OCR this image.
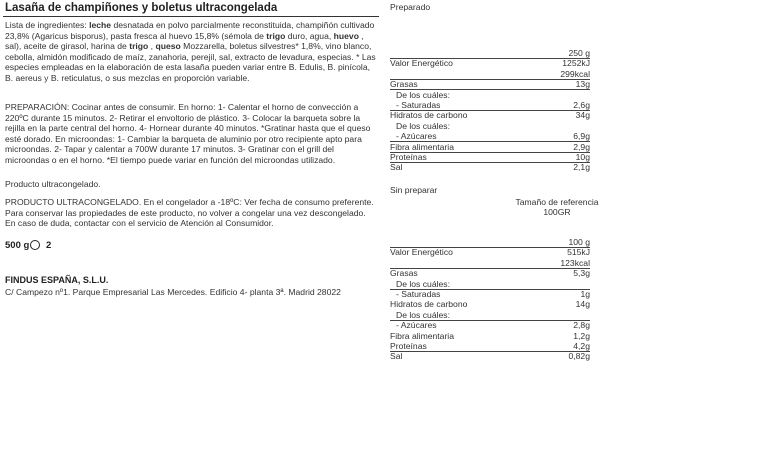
Lasaña de champiñones y boletus ultracongelada

Lista de ingredientes: leche desnatada en polvo parcialmente reconstituida, champiñón cultivado 23,8% (Agaricus bisporus), pasta fresca al huevo 15,8% (sémola de trigo duro, agua, huevo , sal), aceite de girasol, harina de trigo , queso Mozzarella, boletus silvestres* 1,8%, vino blanco, cebolla, almidón modificado de maíz, zanahoria, perejil, sal, extracto de levadura, especias. * Las especies empleadas en la elaboración de esta lasaña pueden variar entre B. Edulis, B. pinícola, B. aereus y B. reticulatus, o sus mezclas en proporción variable.

PREPARACIÓN: Cocinar antes de consumir. En horno: 1- Calentar el horno de convección a 220ºC durante 15 minutos. 2- Retirar el envoltorio de plástico. 3- Colocar la barqueta sobre la rejilla en la parte central del horno. 4- Hornear durante 40 minutos. *Gratinar hasta que el queso esté dorado. En microondas: 1- Cambiar la barqueta de aluminio por otro recipiente apto para microondas. 2- Tapar y calentar a 700W durante 17 minutos. 3- Gratinar con el grill del microondas o en el horno. *El tiempo puede variar en función del microondas utilizado.

Producto ultracongelado.

PRODUCTO ULTRACONGELADO. En el congelador a -18ºC: Ver fecha de consumo preferente. Para conservar las propiedades de este producto, no volver a congelar una vez descongelado. En caso de duda, contactar con el servicio de Atención al Consumidor.

500 g 2
FINDUS ESPAÑA, S.L.U.
C/ Campezo nº1. Parque Empresarial Las Mercedes. Edificio 4- planta 3ª. Madrid 28022
Preparado
250 g
Valor Energético	1252kJ
299kcal
Grasas	13g
De los cuáles:
- Saturadas	2,6g
Hidratos de carbono	34g
De los cuáles:
- Azúcares	6,9g
Fibra alimentaria	2,9g
Proteínas	10g
Sal	2,1g
Sin preparar
Tamaño de referencia
100GR
100 g
Valor Energético	515kJ
123kcal
Grasas	5,3g
De los cuáles:
- Saturadas	1g
Hidratos de carbono	14g
De los cuáles:
- Azúcares	2,8g
Fibra alimentaria	1,2g
Proteínas	4,2g
Sal	0,82g
